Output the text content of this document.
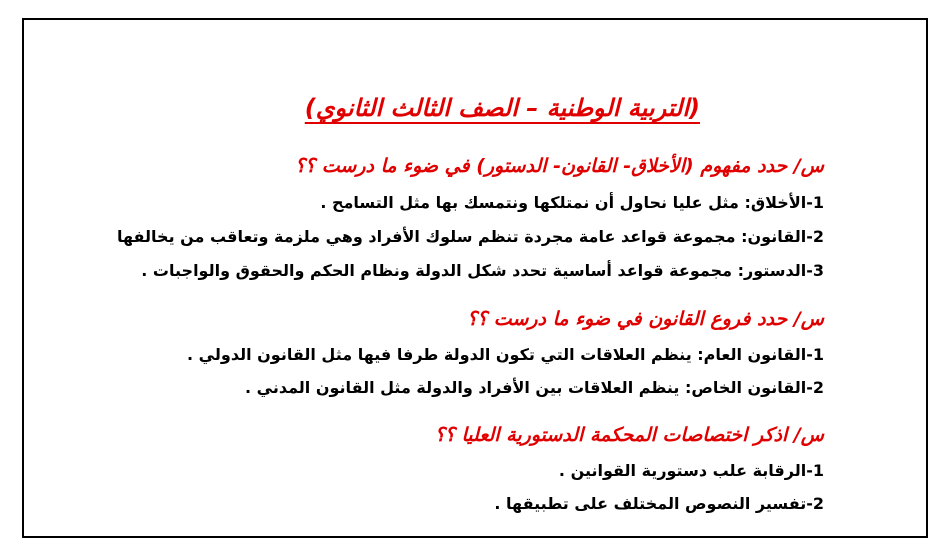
(التربية الوطنية – الصف الثالث الثانوي)

س/ حدد مفهوم (الأخلاق- القانون- الدستور) في ضوء ما درست ؟؟

1-الأخلاق: مثل عليا نحاول أن نمتلكها ونتمسك بها مثل التسامح .

2-القانون: مجموعة قواعد عامة مجردة تنظم سلوك الأفراد وهي ملزمة وتعاقب من يخالفها

3-الدستور: مجموعة قواعد أساسية تحدد شكل الدولة ونظام الحكم والحقوق والواجبات .

س/ حدد فروع القانون في ضوء ما درست ؟؟

1-القانون العام: ينظم العلاقات التي تكون الدولة طرفا فيها مثل القانون الدولي .

2-القانون الخاص: ينظم العلاقات بين الأفراد والدولة مثل القانون المدني .

س/ اذكر اختصاصات المحكمة الدستورية العليا ؟؟

1-الرقابة علب دستورية القوانين .

2-تفسير النصوص المختلف على تطبيقها .
